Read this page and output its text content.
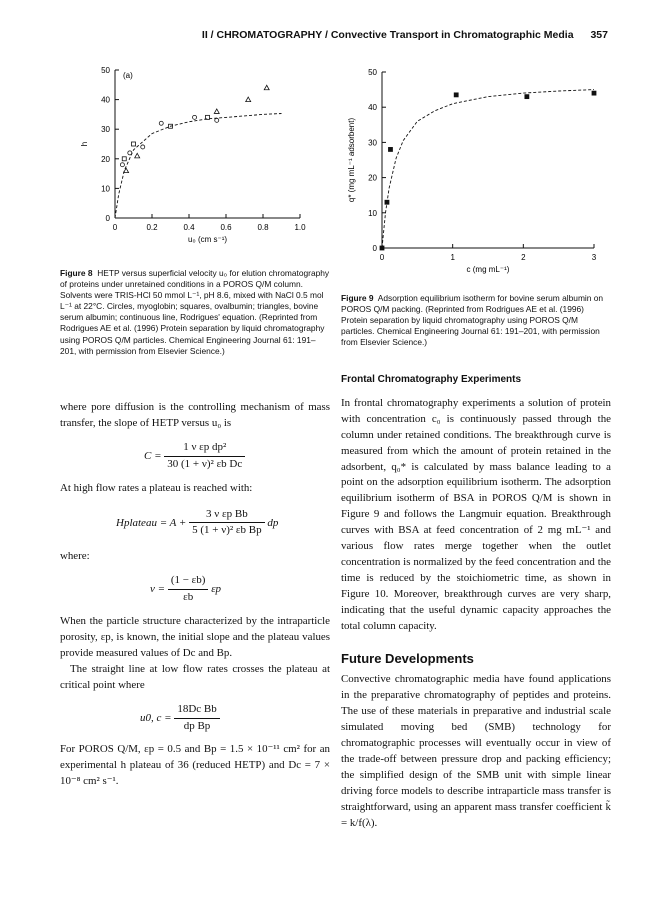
II / CHROMATOGRAPHY / Convective Transport in Chromatographic Media 357
0	0.2	0.4	0.6	0.8	1.0
0
10
20
30
40
50
u₀ (cm s⁻¹)
h
(a)
Figure 8 HETP versus superficial velocity u₀ for elution chromatography of proteins under unretained conditions in a POROS Q/M column. Solvents were TRIS-HCl 50 mmol L⁻¹, pH 8.6, mixed with NaCl 0.5 mol L⁻¹ at 22°C. Circles, myoglobin; squares, ovalbumin; triangles, bovine serum albumin; continuous line, Rodrigues' equation. (Reprinted from Rodrigues AE et al. (1996) Protein separation by liquid chromatography using POROS Q/M particles. Chemical Engineering Journal 61: 191–201, with permission from Elsevier Science.)
0	1	2	3
0
10
20
30
40
50
c (mg mL⁻¹)
q* (mg mL⁻¹ adsorbent)
Figure 9 Adsorption equilibrium isotherm for bovine serum albumin on POROS Q/M packing. (Reprinted from Rodrigues AE et al. (1996) Protein separation by liquid chromatography using POROS Q/M particles. Chemical Engineering Journal 61: 191–201, with permission from Elsevier Science.)
where pore diffusion is the controlling mechanism of mass transfer, the slope of HETP versus u₀ is
$C = \frac{\text{1 ν εp dp²}}{\text{30 (1 + ν)² εb Dc}}$
At high flow rates a plateau is reached with:
Hplateau = $A + \frac{\text{3 ν εp Bb}}{\text{5 (1 + ν)² εb Bp}}$ dp
where:
$\nu = \frac{(1 - \varepsilon b)}{\varepsilon b}$ εp
When the particle structure characterized by the intraparticle porosity, εp, is known, the initial slope and the plateau values provide measured values of Dc and Bp.
The straight line at low flow rates crosses the plateau at critical point where
u0, $c = \frac{\text{18Dc Bb}}{\text{dp Bp}}$
For POROS Q/M, εp = 0.5 and Bp = 1.5 × 10⁻¹¹ cm² for an experimental h plateau of 36 (reduced HETP) and Dc = 7 × 10⁻⁸ cm² s⁻¹.
Frontal Chromatography Experiments
In frontal chromatography experiments a solution of protein with concentration c₀ is continuously passed through the column under retained conditions. The breakthrough curve is measured from which the amount of protein retained in the adsorbent, q₀* is calculated by mass balance leading to a point on the adsorption equilibrium isotherm. The adsorption equilibrium isotherm of BSA in POROS Q/M is shown in Figure 9 and follows the Langmuir equation. Breakthrough curves with BSA at feed concentration of 2 mg mL⁻¹ and various flow rates merge together when the outlet concentration is normalized by the feed concentration and the time is reduced by the stoichiometric time, as shown in Figure 10. Moreover, breakthrough curves are very sharp, indicating that the useful dynamic capacity approaches the total column capacity.
Future Developments
Convective chromatographic media have found applications in the preparative chromatography of peptides and proteins. The use of these materials in preparative and industrial scale simulated moving bed (SMB) technology for chromatographic processes will eventually occur in view of the trade-off between pressure drop and packing efficiency; the simplified design of the SMB unit with simple linear driving force models to describe intraparticle mass transfer is straightforward, using an apparent mass transfer coefficient k̃ = k/f(λ).
